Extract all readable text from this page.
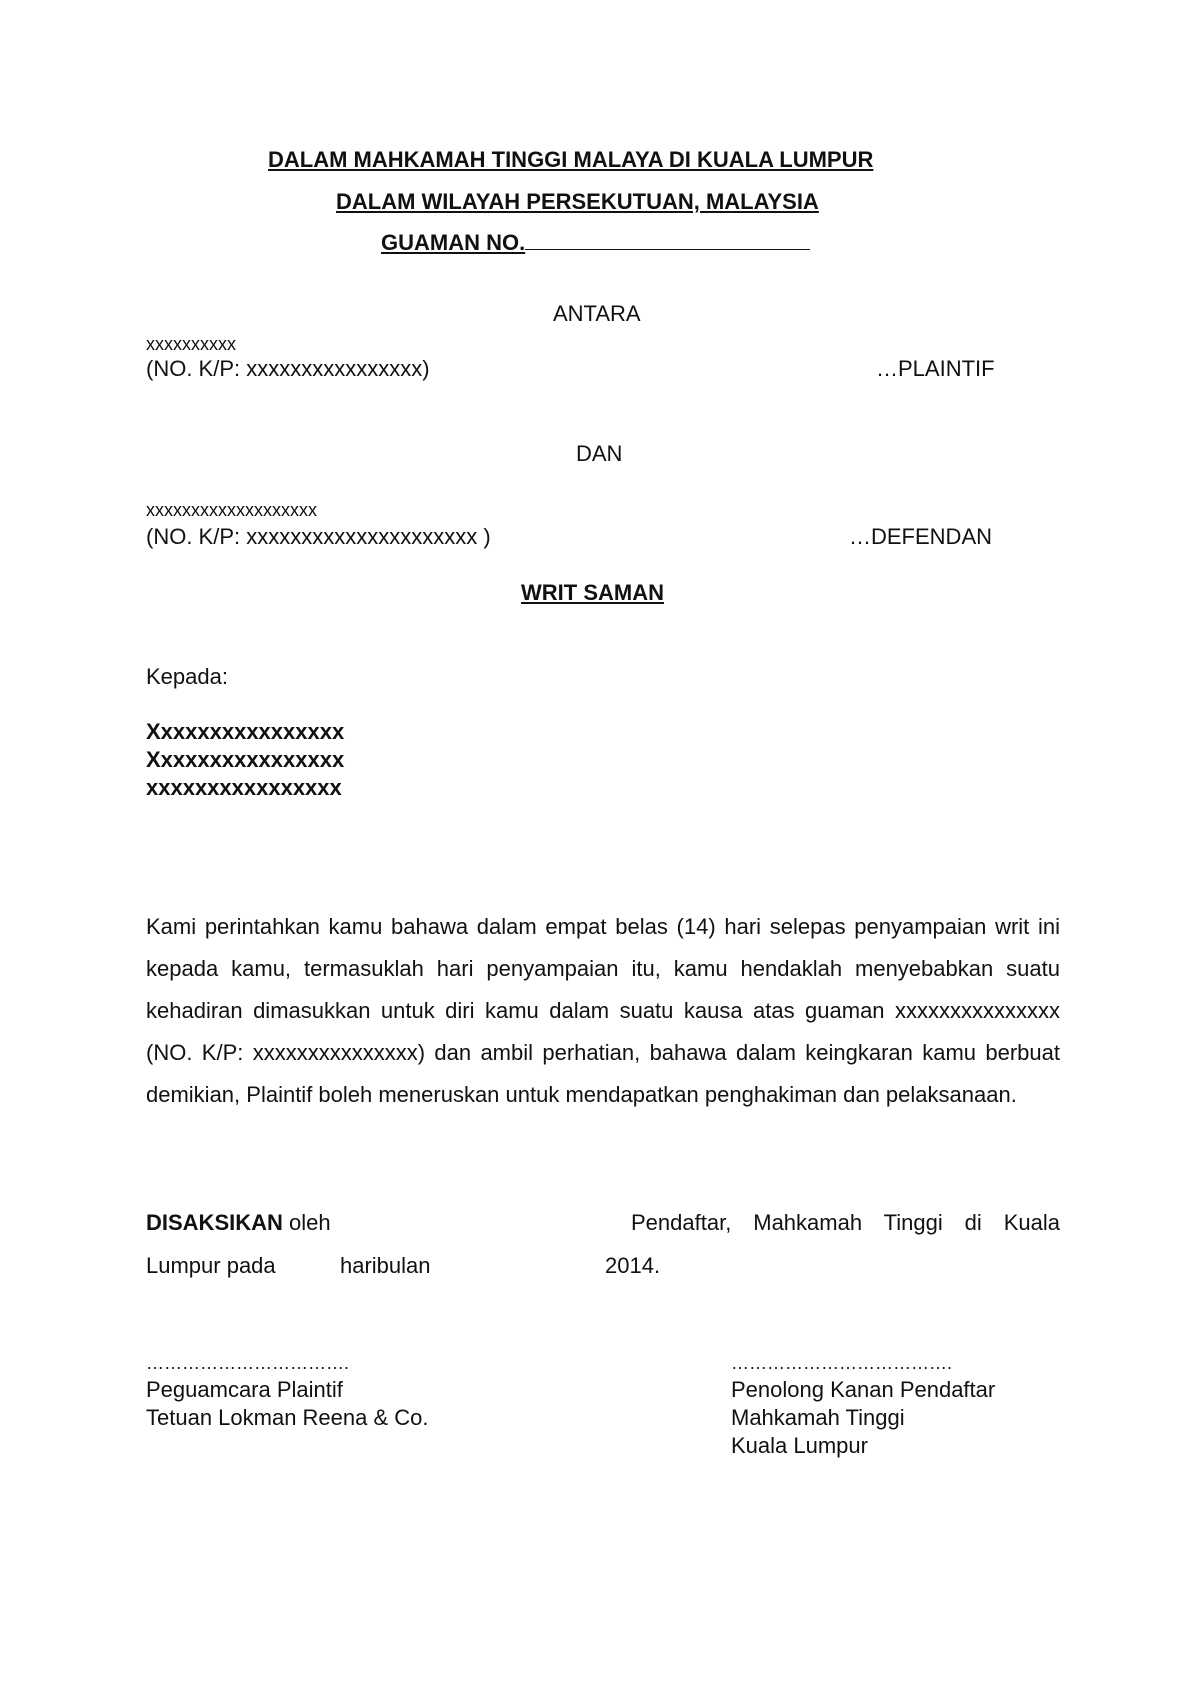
DALAM MAHKAMAH TINGGI MALAYA DI KUALA LUMPUR
DALAM WILAYAH PERSEKUTUAN, MALAYSIA
GUAMAN NO.
ANTARA
xxxxxxxxxx
(NO. K/P: xxxxxxxxxxxxxxxx)	…PLAINTIF
DAN
xxxxxxxxxxxxxxxxxxx
(NO. K/P: xxxxxxxxxxxxxxxxxxxxx )	…DEFENDAN
WRIT SAMAN
Kepada:
Xxxxxxxxxxxxxxxx
Xxxxxxxxxxxxxxxx
xxxxxxxxxxxxxxxx
Kami perintahkan kamu bahawa dalam empat belas (14) hari selepas penyampaian writ ini kepada kamu, termasuklah hari penyampaian itu, kamu hendaklah menyebabkan suatu kehadiran dimasukkan untuk diri kamu dalam suatu kausa atas guaman xxxxxxxxxxxxxxx (NO. K/P: xxxxxxxxxxxxxxx) dan ambil perhatian, bahawa dalam keingkaran kamu berbuat demikian, Plaintif boleh meneruskan untuk mendapatkan penghakiman dan pelaksanaan.
DISAKSIKAN oleh	Pendaftar, Mahkamah Tinggi di Kuala
Lumpur pada	haribulan	2014.
…………………………….
Peguamcara Plaintif
Tetuan Lokman Reena & Co.
……………………………….
Penolong Kanan Pendaftar
Mahkamah Tinggi
Kuala Lumpur
